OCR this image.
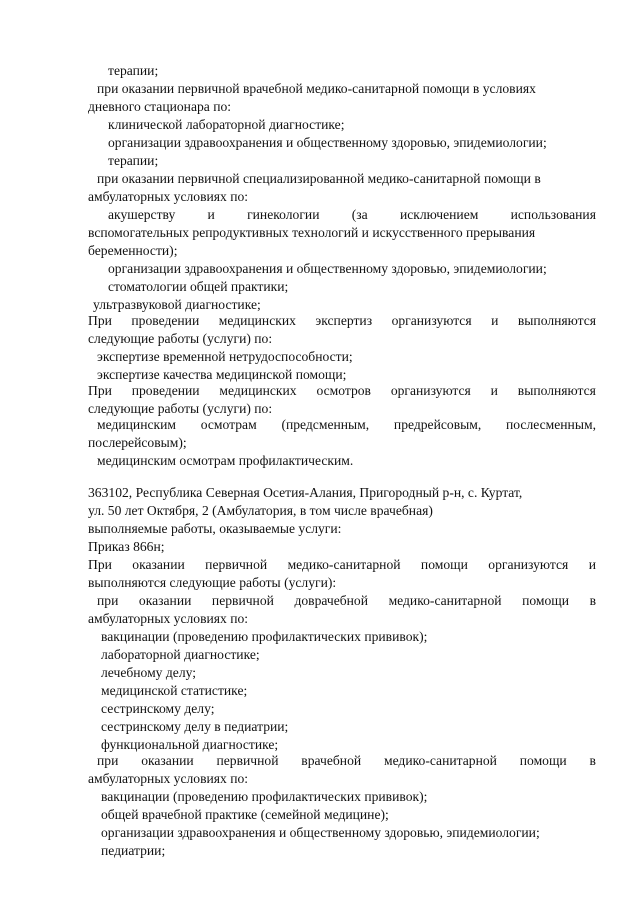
терапии;
при оказании первичной врачебной медико-санитарной помощи в условиях
дневного стационара по:
клинической лабораторной диагностике;
организации здравоохранения и общественному здоровью, эпидемиологии;
терапии;
при оказании первичной специализированной медико-санитарной помощи в
амбулаторных условиях по:
акушерству и гинекологии (за исключением использования
вспомогательных репродуктивных технологий и искусственного прерывания
беременности);
организации здравоохранения и общественному здоровью, эпидемиологии;
стоматологии общей практики;
ультразвуковой диагностике;
При проведении медицинских экспертиз организуются и выполняются
следующие работы (услуги) по:
экспертизе временной нетрудоспособности;
экспертизе качества медицинской помощи;
При проведении медицинских осмотров организуются и выполняются
следующие работы (услуги) по:
медицинским осмотрам (предсменным, предрейсовым, послесменным,
послерейсовым);
медицинским осмотрам профилактическим.
363102, Республика Северная Осетия-Алания, Пригородный р-н, с. Куртат,
ул. 50 лет Октября, 2 (Амбулатория, в том числе врачебная)
выполняемые работы, оказываемые услуги:
Приказ 866н;
При оказании первичной медико-санитарной помощи организуются и
выполняются следующие работы (услуги):
при оказании первичной доврачебной медико-санитарной помощи в
амбулаторных условиях по:
вакцинации (проведению профилактических прививок);
лабораторной диагностике;
лечебному делу;
медицинской статистике;
сестринскому делу;
сестринскому делу в педиатрии;
функциональной диагностике;
при оказании первичной врачебной медико-санитарной помощи в
амбулаторных условиях по:
вакцинации (проведению профилактических прививок);
общей врачебной практике (семейной медицине);
организации здравоохранения и общественному здоровью, эпидемиологии;
педиатрии;
